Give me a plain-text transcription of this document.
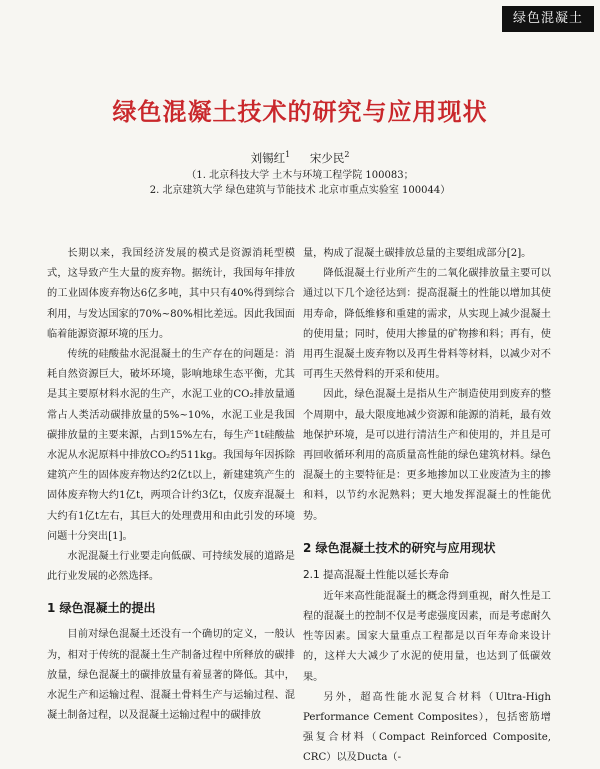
绿色混凝土
绿色混凝土技术的研究与应用现状
刘锡红$^1$ 宋少民$^2$
（1. 北京科技大学 土木与环境工程学院 100083；
2. 北京建筑大学 绿色建筑与节能技术 北京市重点实验室 100044）

长期以来，我国经济发展的模式是资源消耗型模式，这导致产生大量的废弃物。据统计，我国每年排放的工业固体废弃物达6亿多吨，其中只有40%得到综合利用，与发达国家的70%~80%相比差远。因此我国面临着能源资源环境的压力。

传统的硅酸盐水泥混凝土的生产存在的问题是：消耗自然资源巨大，破坏环境，影响地球生态平衡，尤其是其主要原材料水泥的生产，水泥工业的CO₂排放量通常占人类活动碳排放量的5%~10%，水泥工业是我国碳排放量的主要来源，占到15%左右，每生产1t硅酸盐水泥从水泥原料中排放CO₂约511kg。我国每年因拆除建筑产生的固体废弃物达约2亿t以上，新建建筑产生的固体废弃物大约1亿t，两项合计约3亿t，仅废弃混凝土大约有1亿t左右，其巨大的处理费用和由此引发的环境问题十分突出[1]。

水泥混凝土行业要走向低碳、可持续发展的道路是此行业发展的必然选择。

1 绿色混凝土的提出

目前对绿色混凝土还没有一个确切的定义，一般认为，相对于传统的混凝土生产制备过程中所释放的碳排放量，绿色混凝土的碳排放量有着显著的降低。其中，水泥生产和运输过程、混凝土骨料生产与运输过程、混凝土制备过程，以及混凝土运输过程中的碳排放

量，构成了混凝土碳排放总量的主要组成部分[2]。

降低混凝土行业所产生的二氧化碳排放量主要可以通过以下几个途径达到：提高混凝土的性能以增加其使用寿命，降低维修和重建的需求，从实现上减少混凝土的使用量；同时，使用大掺量的矿物掺和料；再有，使用再生混凝土废弃物以及再生骨料等材料，以减少对不可再生天然骨料的开采和使用。

因此，绿色混凝土是指从生产制造使用到废弃的整个周期中，最大限度地减少资源和能源的消耗，最有效地保护环境，是可以进行清洁生产和使用的，并且是可再回收循环利用的高质量高性能的绿色建筑材料。绿色混凝土的主要特征是：更多地掺加以工业废渣为主的掺和料，以节约水泥熟料；更大地发挥混凝土的性能优势。

2 绿色混凝土技术的研究与应用现状
2.1 提高混凝土性能以延长寿命

近年来高性能混凝土的概念得到重视，耐久性是工程的混凝土的控制不仅是考虑强度因素，而是考虑耐久性等因素。国家大量重点工程都是以百年寿命来设计的，这样大大减少了水泥的使用量，也达到了低碳效果。

另外，超高性能水泥复合材料（Ultra-High Performance Cement Composites），包括密筋增强复合材料（Compact Reinforced Composite, CRC）以及Ducta（-
